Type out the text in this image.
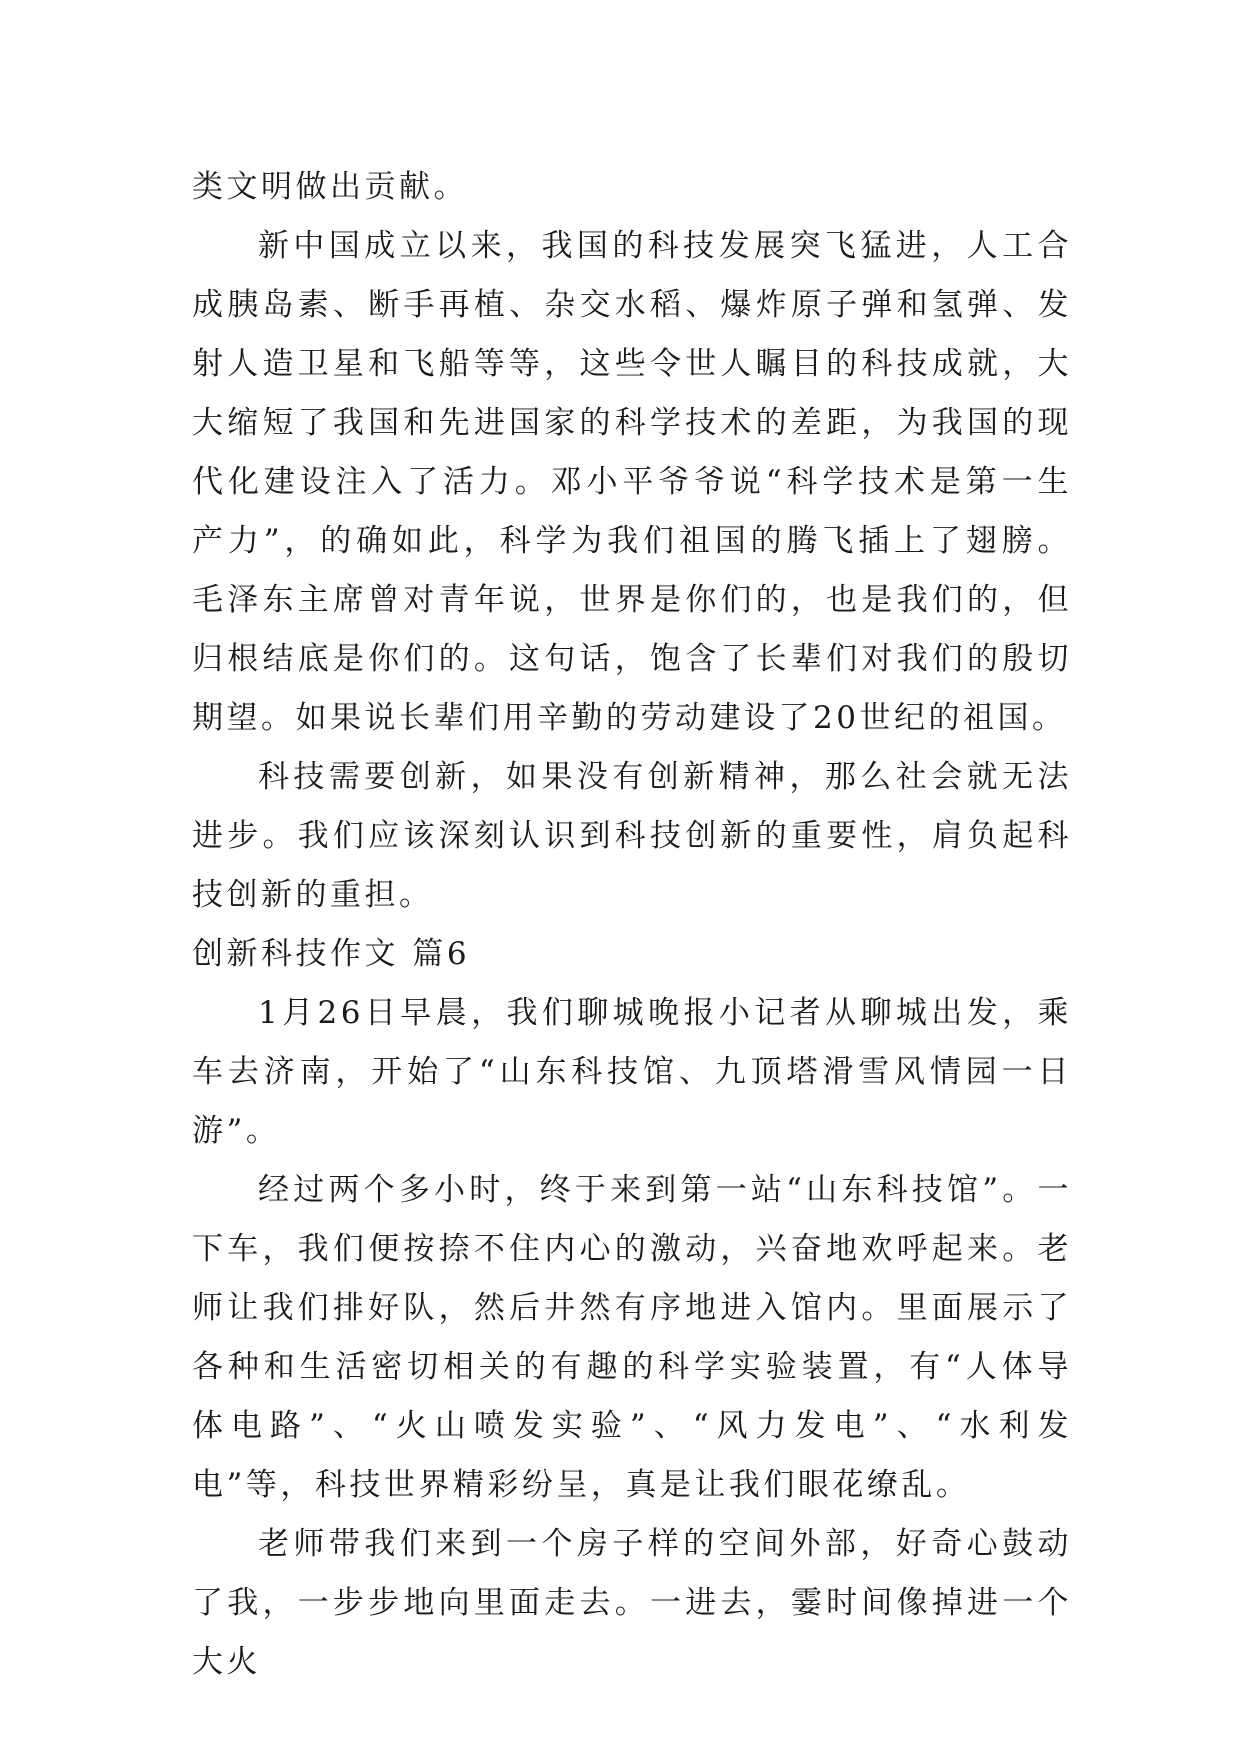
类文明做出贡献。

新中国成立以来，我国的科技发展突飞猛进，人工合成胰岛素、断手再植、杂交水稻、爆炸原子弹和氢弹、发射人造卫星和飞船等等，这些令世人瞩目的科技成就，大大缩短了我国和先进国家的科学技术的差距，为我国的现代化建设注入了活力。邓小平爷爷说“科学技术是第一生产力”，的确如此，科学为我们祖国的腾飞插上了翅膀。毛泽东主席曾对青年说，世界是你们的，也是我们的，但归根结底是你们的。这句话，饱含了长辈们对我们的殷切期望。如果说长辈们用辛勤的劳动建设了20世纪的祖国。

科技需要创新，如果没有创新精神，那么社会就无法进步。我们应该深刻认识到科技创新的重要性，肩负起科技创新的重担。

创新科技作文 篇6

1月26日早晨，我们聊城晚报小记者从聊城出发，乘车去济南，开始了“山东科技馆、九顶塔滑雪风情园一日游”。

经过两个多小时，终于来到第一站“山东科技馆”。一下车，我们便按捺不住内心的激动，兴奋地欢呼起来。老师让我们排好队，然后井然有序地进入馆内。里面展示了各种和生活密切相关的有趣的科学实验装置，有“人体导体电路”、“火山喷发实验”、“风力发电”、“水利发电”等，科技世界精彩纷呈，真是让我们眼花缭乱。

老师带我们来到一个房子样的空间外部，好奇心鼓动了我，一步步地向里面走去。一进去，霎时间像掉进一个大火
